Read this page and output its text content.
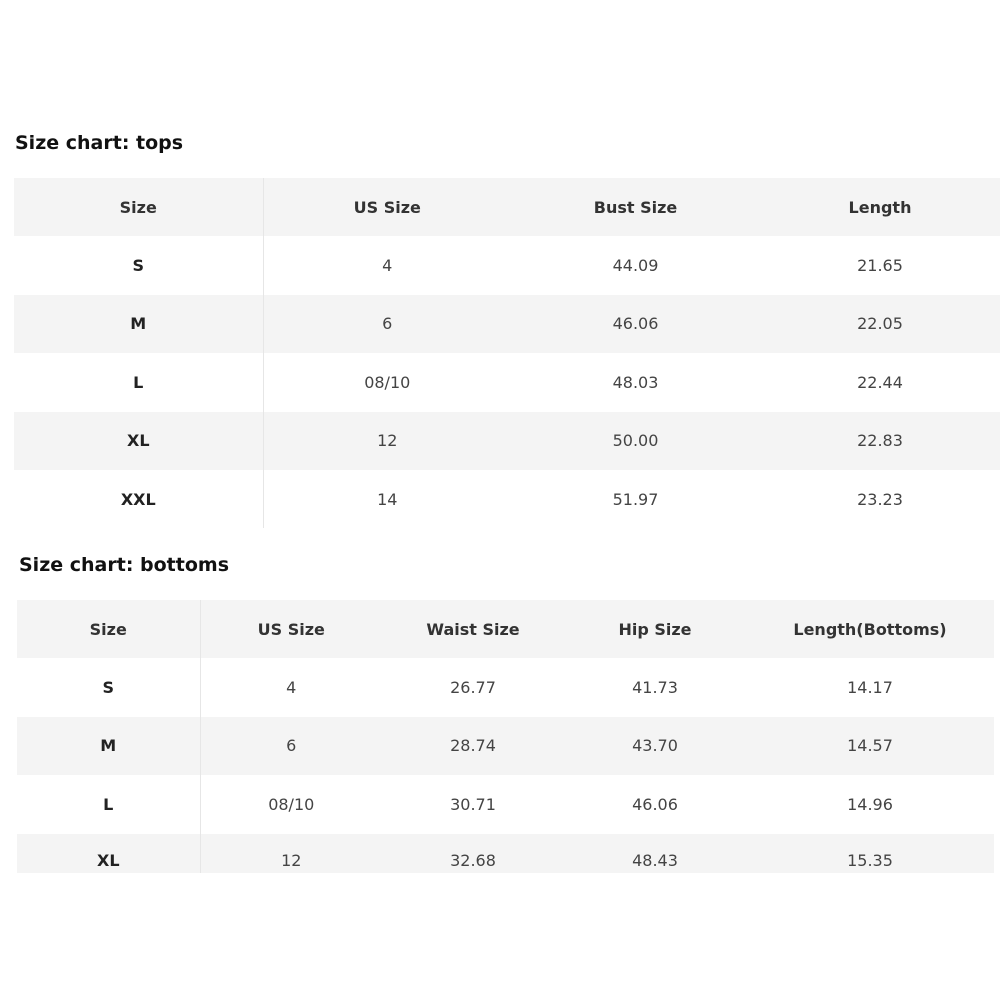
Size chart: tops
Size	US Size	Bust Size	Length
S	4	44.09	21.65
M	6	46.06	22.05
L	08/10	48.03	22.44
XL	12	50.00	22.83
XXL	14	51.97	23.23
Size chart: bottoms
Size	US Size	Waist Size	Hip Size	Length(Bottoms)
S	4	26.77	41.73	14.17
M	6	28.74	43.70	14.57
L	08/10	30.71	46.06	14.96
XL	12	32.68	48.43	15.35
